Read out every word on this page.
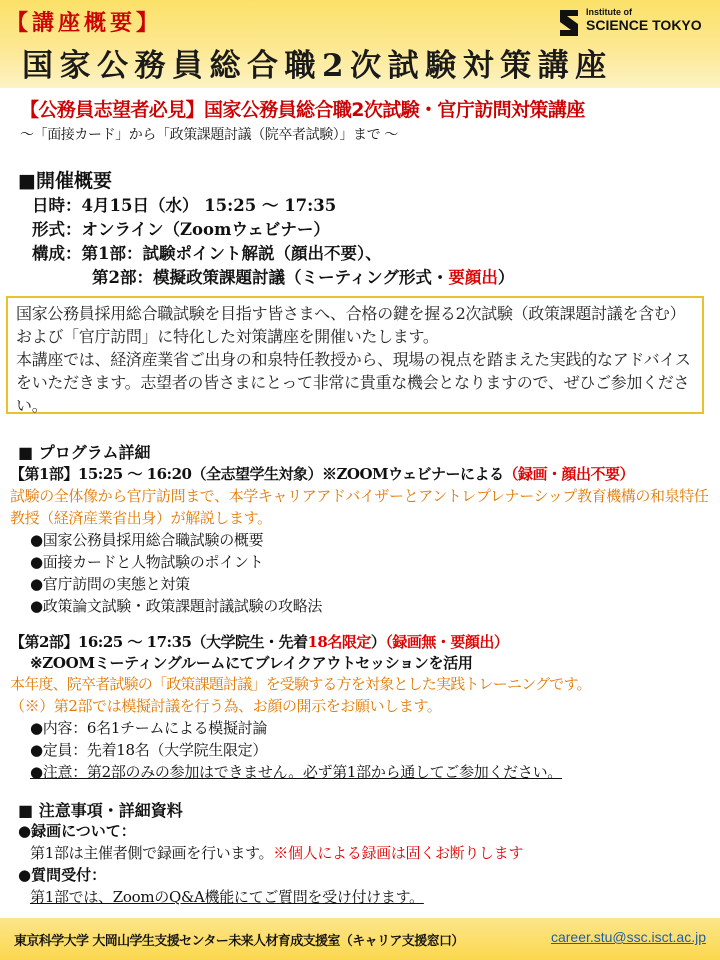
【講座概要】
国家公務員総合職2次試験対策講座
Institute of
SCIENCE TOKYO
【公務員志望者必見】国家公務員総合職2次試験・官庁訪問対策講座
～「面接カード」から「政策課題討議（院卒者試験）」まで ～
■開催概要
日時：4月15日（水） 15:25 ～ 17:35
形式：オンライン（Zoomウェビナー）
構成：第1部：試験ポイント解説（顔出不要）、
第2部：模擬政策課題討議（ミーティング形式・要顔出）

国家公務員採用総合職試験を目指す皆さまへ、合格の鍵を握る2次試験（政策課題討議を含む）および「官庁訪問」に特化した対策講座を開催いたします。

本講座では、経済産業省ご出身の和泉特任教授から、現場の視点を踏まえた実践的なアドバイスをいただきます。志望者の皆さまにとって非常に貴重な機会となりますので、ぜひご参加ください。

■ プログラム詳細
【第1部】15:25 ～ 16:20（全志望学生対象）※ZOOMウェビナーによる（録画・顔出不要）
試験の全体像から官庁訪問まで、本学キャリアアドバイザーとアントレプレナーシップ教育機構の和泉特任教授（経済産業省出身）が解説します。
●国家公務員採用総合職試験の概要
●面接カードと人物試験のポイント
●官庁訪問の実態と対策
●政策論文試験・政策課題討議試験の攻略法
【第2部】16:25 ～ 17:35（大学院生・先着18名限定）（録画無・要顔出）
※ZOOMミーティングルームにてブレイクアウトセッションを活用
本年度、院卒者試験の「政策課題討議」を受験する方を対象とした実践トレーニングです。
（※）第2部では模擬討議を行う為、お顔の開示をお願いします。
●内容：6名1チームによる模擬討論
●定員：先着18名（大学院生限定）
●注意：第2部のみの参加はできません。必ず第1部から通してご参加ください。
■ 注意事項・詳細資料
●録画について：
第1部は主催者側で録画を行います。※個人による録画は固くお断りします
●質問受付：
第1部では、ZoomのQ&A機能にてご質問を受け付けます。
東京科学大学 大岡山学生支援センター未来人材育成支援室（キャリア支援窓口）	career.stu@ssc.isct.ac.jp
